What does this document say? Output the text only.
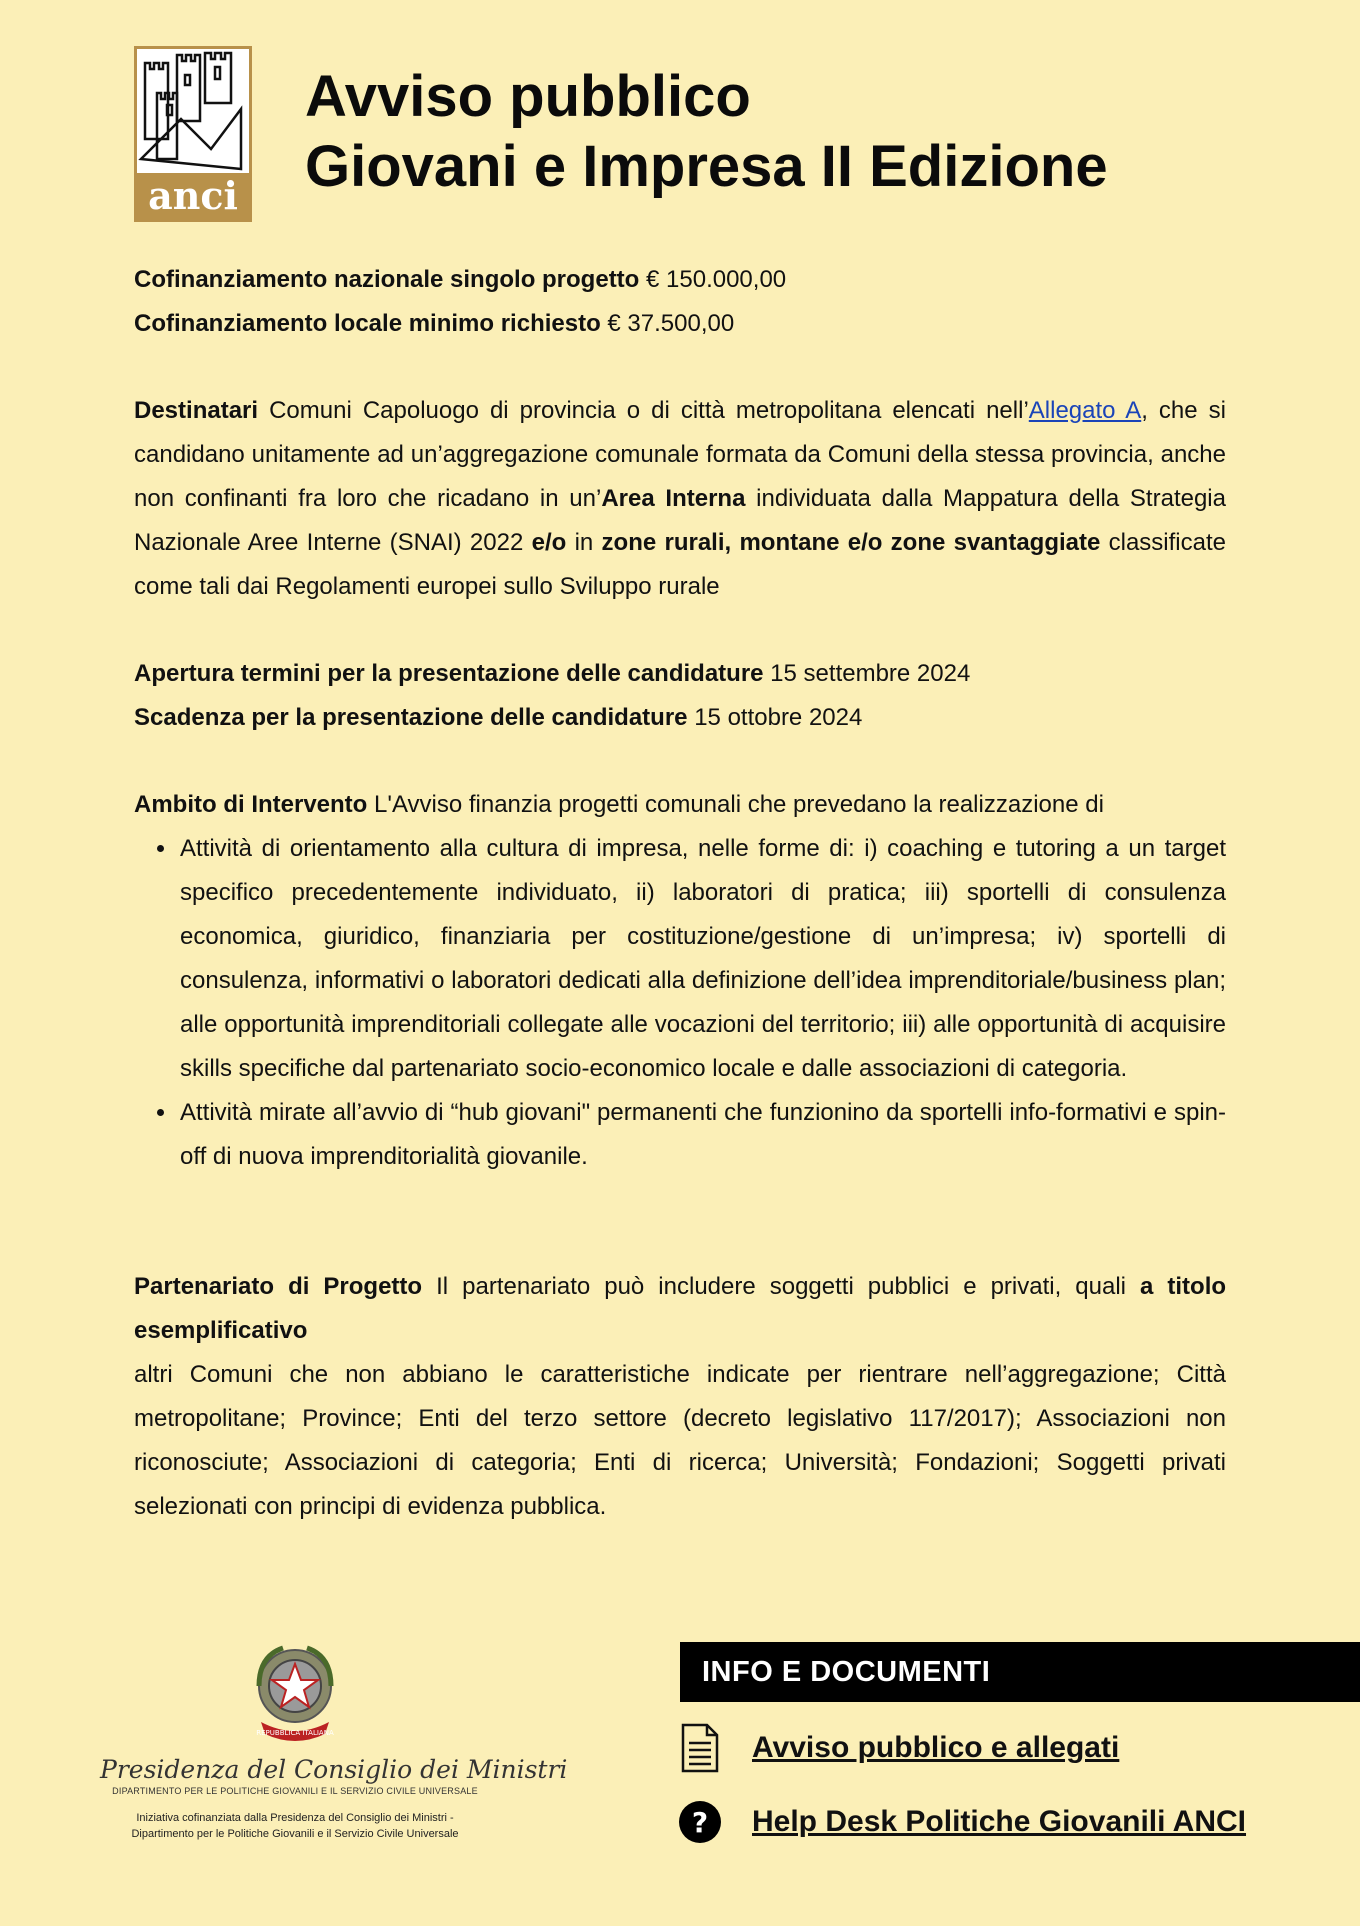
anci
Avviso pubblico
Giovani e Impresa II Edizione

Cofinanziamento nazionale singolo progetto € 150.000,00

Cofinanziamento locale minimo richiesto € 37.500,00

Destinatari Comuni Capoluogo di provincia o di città metropolitana elencati nell’Allegato A, che si candidano unitamente ad un’aggregazione comunale formata da Comuni della stessa provincia, anche non confinanti fra loro che ricadano in un’Area Interna individuata dalla Mappatura della Strategia Nazionale Aree Interne (SNAI) 2022 e/o in zone rurali, montane e/o zone svantaggiate classificate come tali dai Regolamenti europei sullo Sviluppo rurale

Apertura termini per la presentazione delle candidature 15 settembre 2024

Scadenza per la presentazione delle candidature 15 ottobre 2024

Ambito di Intervento L'Avviso finanzia progetti comunali che prevedano la realizzazione di

• Attività di orientamento alla cultura di impresa, nelle forme di: i) coaching e tutoring a un target specifico precedentemente individuato, ii) laboratori di pratica; iii) sportelli di consulenza economica, giuridico, finanziaria per costituzione/gestione di un’impresa; iv) sportelli di consulenza, informativi o laboratori dedicati alla definizione dell’idea imprenditoriale/business plan; alle opportunità imprenditoriali collegate alle vocazioni del territorio; iii) alle opportunità di acquisire skills specifiche dal partenariato socio-economico locale e dalle associazioni di categoria.
• Attività mirate all’avvio di “hub giovani" permanenti che funzionino da sportelli info-formativi e spin-off di nuova imprenditorialità giovanile.

Partenariato di Progetto Il partenariato può includere soggetti pubblici e privati, quali a titolo esemplificativo

altri Comuni che non abbiano le caratteristiche indicate per rientrare nell’aggregazione; Città metropolitane; Province; Enti del terzo settore (decreto legislativo 117/2017); Associazioni non riconosciute; Associazioni di categoria; Enti di ricerca; Università; Fondazioni; Soggetti privati selezionati con principi di evidenza pubblica.

REPUBBLICA ITALIANA
Presidenza del Consiglio dei Ministri
DIPARTIMENTO PER LE POLITICHE GIOVANILI E IL SERVIZIO CIVILE UNIVERSALE
Iniziativa cofinanziata dalla Presidenza del Consiglio dei Ministri -
Dipartimento per le Politiche Giovanili e il Servizio Civile Universale
INFO E DOCUMENTI
Avviso pubblico e allegati
? Help Desk Politiche Giovanili ANCI
